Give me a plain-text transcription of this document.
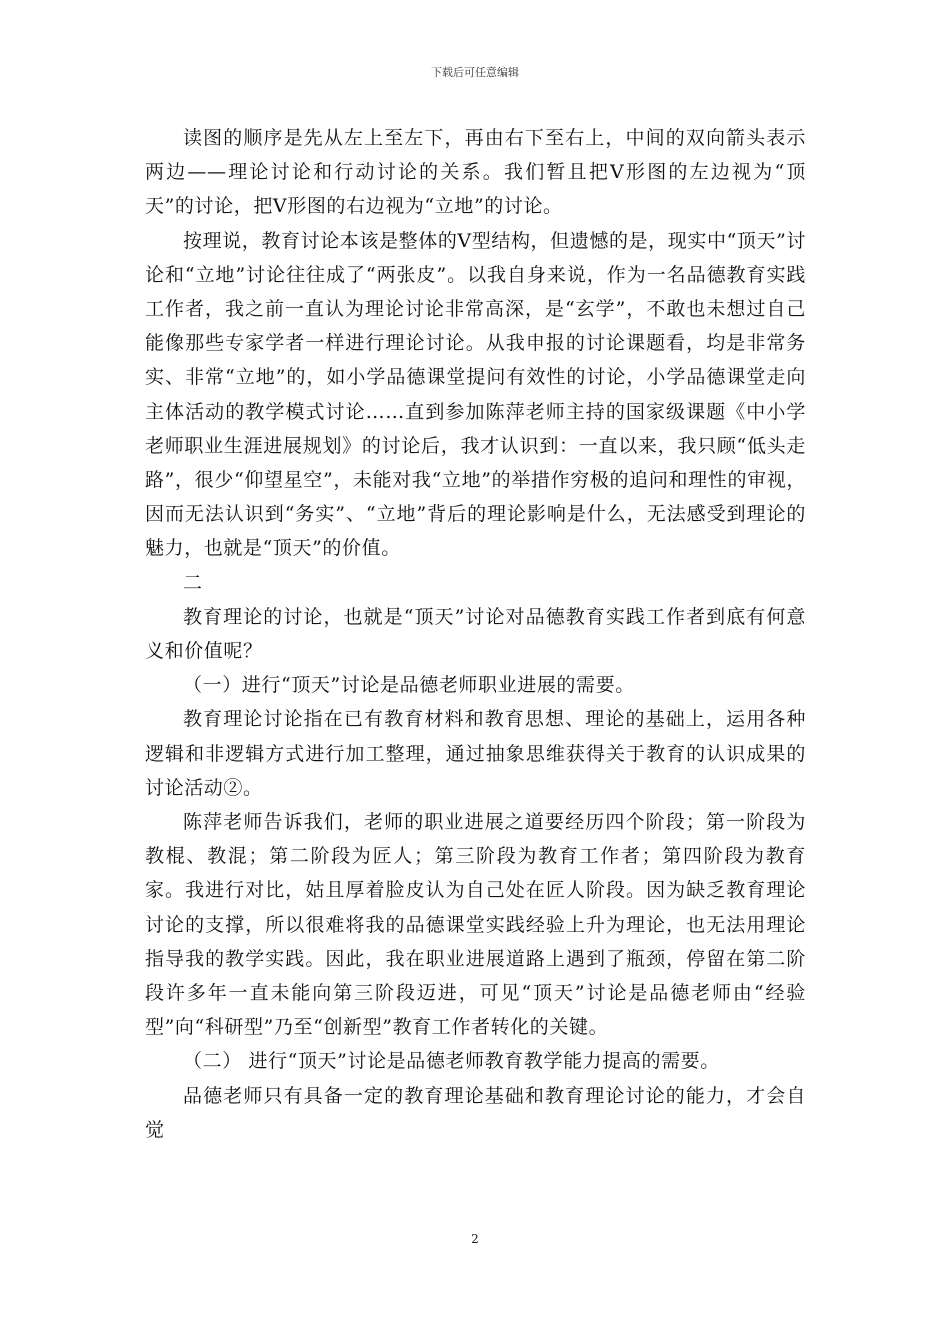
下载后可任意编辑

读图的顺序是先从左上至左下，再由右下至右上，中间的双向箭头表示两边——理论讨论和行动讨论的关系。我们暂且把Ⅴ形图的左边视为“顶天”的讨论，把Ⅴ形图的右边视为“立地”的讨论。

按理说，教育讨论本该是整体的Ⅴ型结构，但遗憾的是，现实中“顶天”讨论和“立地”讨论往往成了“两张皮”。以我自身来说，作为一名品德教育实践工作者，我之前一直认为理论讨论非常高深，是“玄学”，不敢也未想过自己能像那些专家学者一样进行理论讨论。从我申报的讨论课题看，均是非常务实、非常“立地”的，如小学品德课堂提问有效性的讨论，小学品德课堂走向主体活动的教学模式讨论……直到参加陈萍老师主持的国家级课题《中小学老师职业生涯进展规划》的讨论后，我才认识到：一直以来，我只顾“低头走路”，很少“仰望星空”，未能对我“立地”的举措作穷极的追问和理性的审视，因而无法认识到“务实”、“立地”背后的理论影响是什么，无法感受到理论的魅力，也就是“顶天”的价值。

二

教育理论的讨论，也就是“顶天”讨论对品德教育实践工作者到底有何意义和价值呢？

（一）进行“顶天”讨论是品德老师职业进展的需要。

教育理论讨论指在已有教育材料和教育思想、理论的基础上，运用各种逻辑和非逻辑方式进行加工整理，通过抽象思维获得关于教育的认识成果的讨论活动②。

陈萍老师告诉我们，老师的职业进展之道要经历四个阶段；第一阶段为教棍、教混；第二阶段为匠人；第三阶段为教育工作者；第四阶段为教育家。我进行对比，姑且厚着脸皮认为自己处在匠人阶段。因为缺乏教育理论讨论的支撑，所以很难将我的品德课堂实践经验上升为理论，也无法用理论指导我的教学实践。因此，我在职业进展道路上遇到了瓶颈，停留在第二阶段许多年一直未能向第三阶段迈进，可见“顶天”讨论是品德老师由“经验型”向“科研型”乃至“创新型”教育工作者转化的关键。

（二） 进行“顶天”讨论是品德老师教育教学能力提高的需要。

品德老师只有具备一定的教育理论基础和教育理论讨论的能力，才会自觉

2
